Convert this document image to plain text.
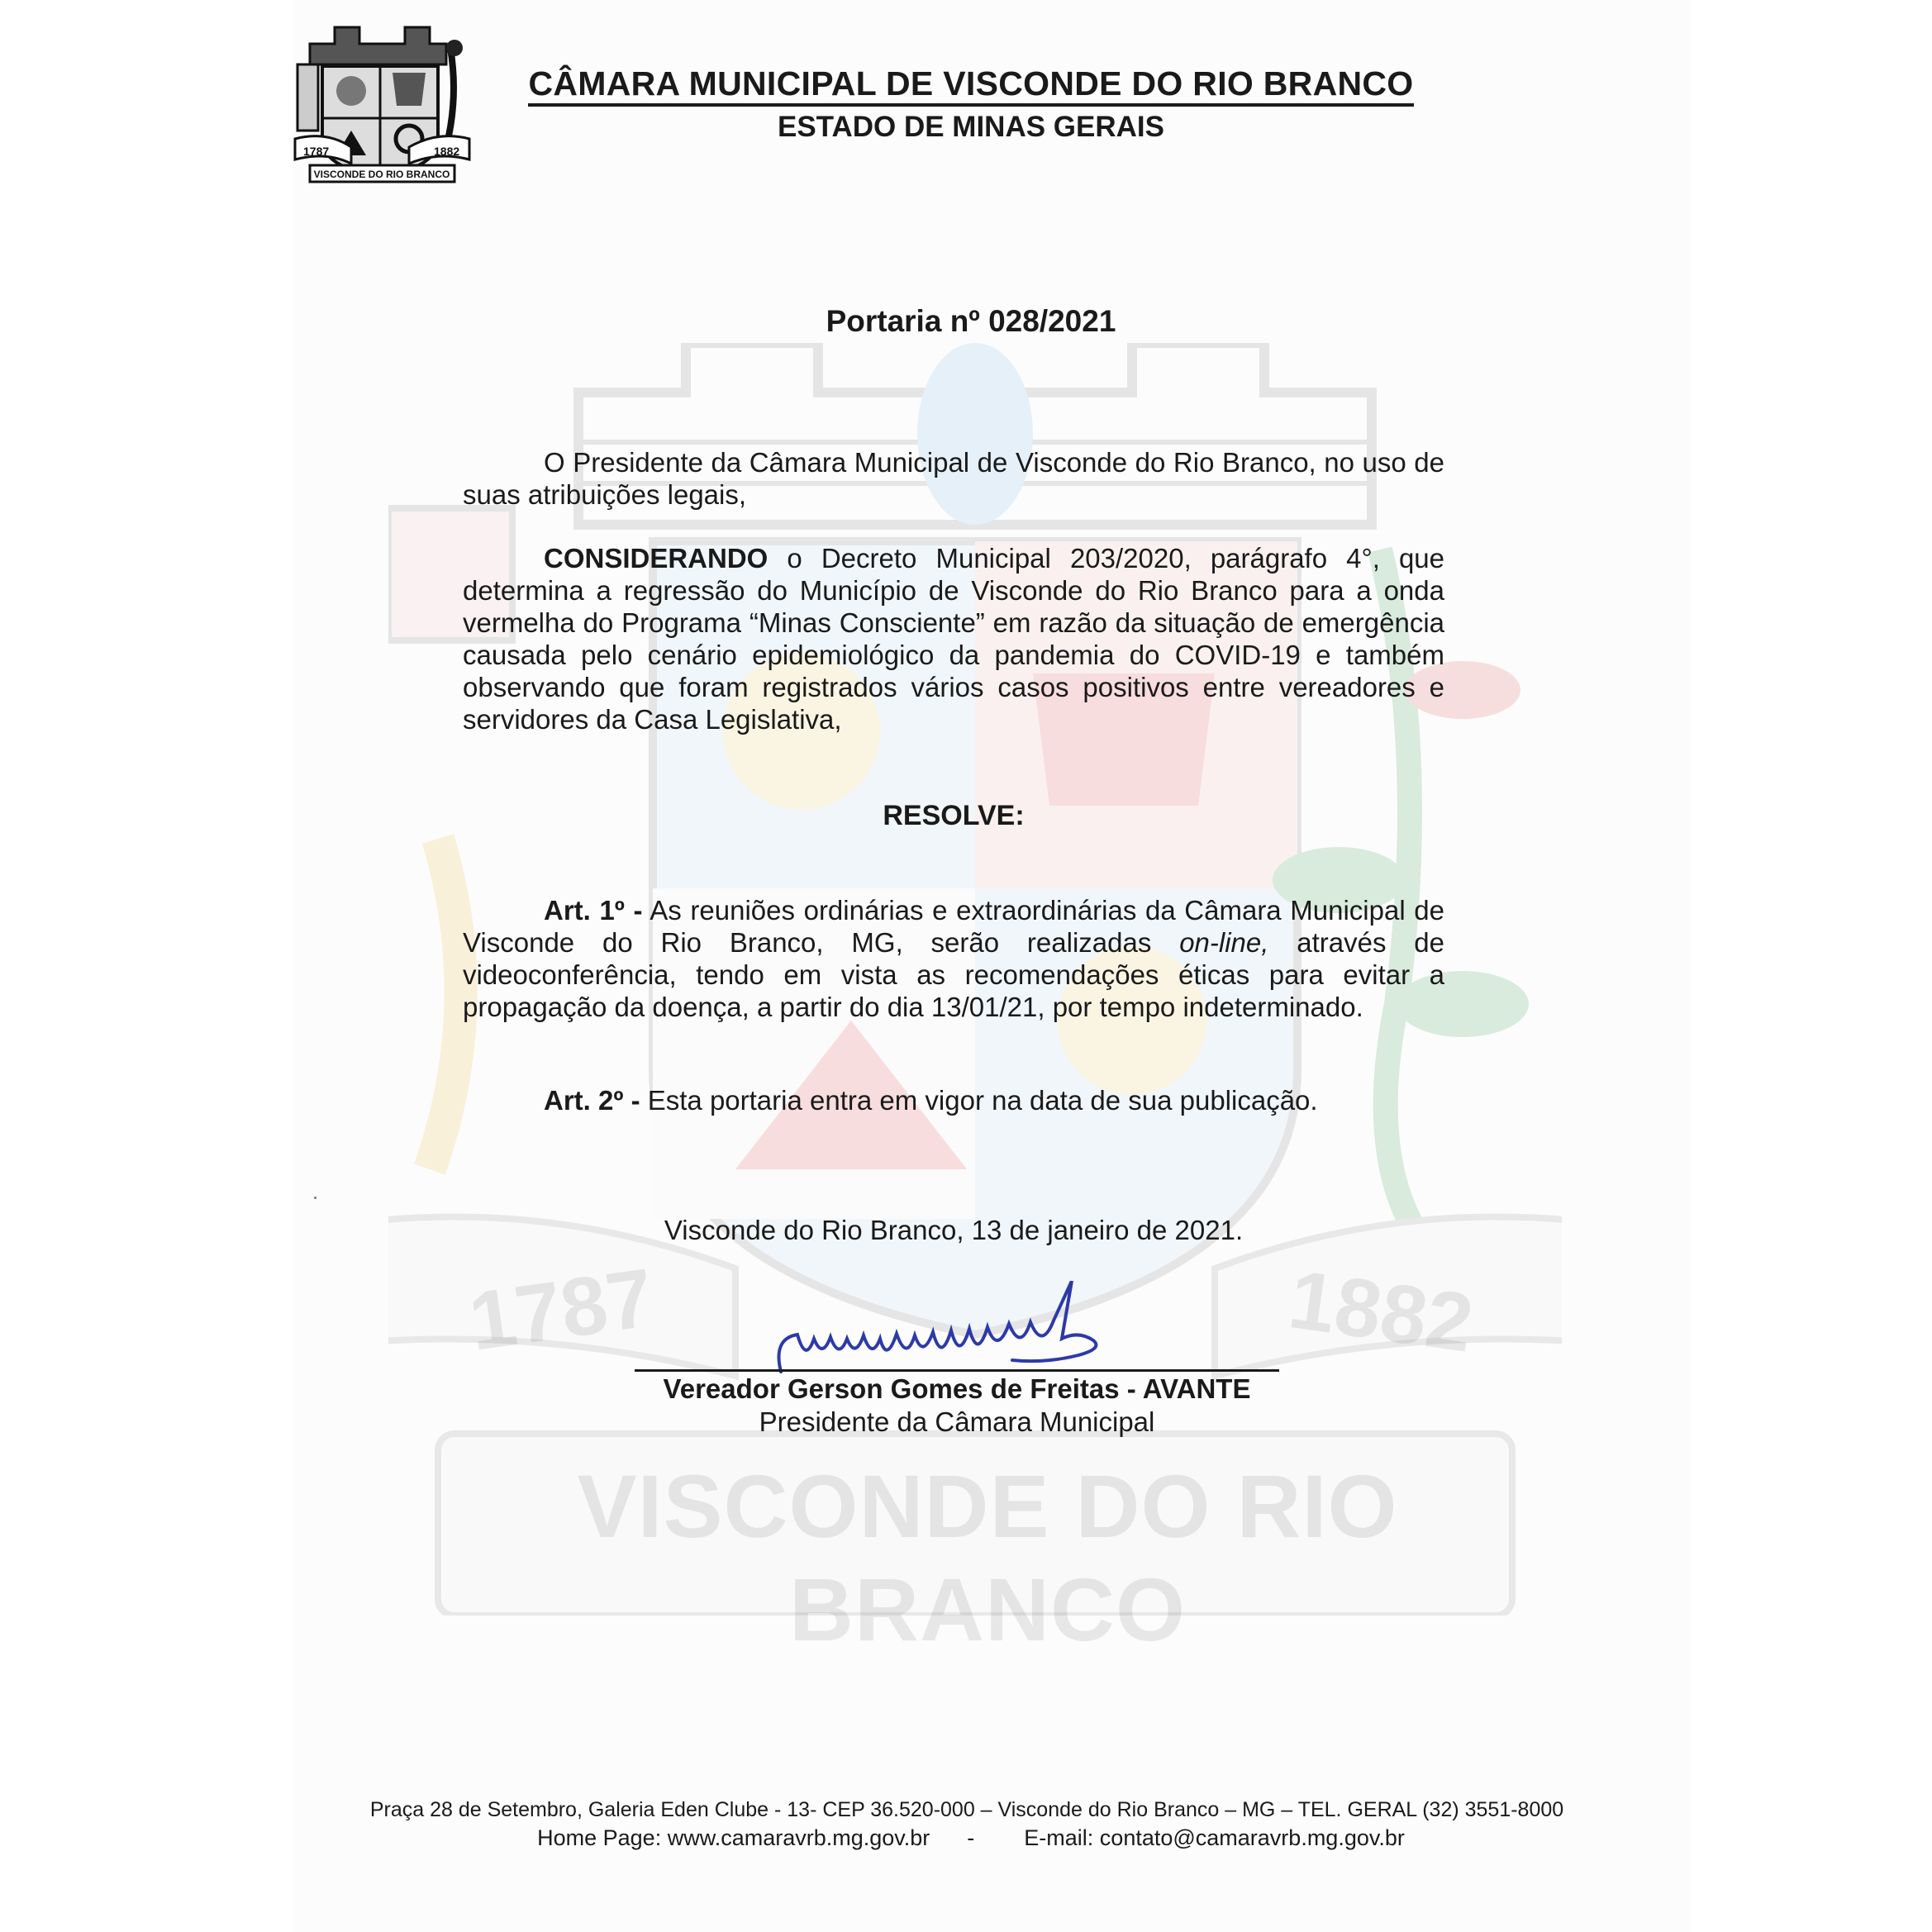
1787	1882
VISCONDE DO RIO BRANCO
1787	1882
VISCONDE DO RIO BRANCO
CÂMARA MUNICIPAL DE VISCONDE DO RIO BRANCO
ESTADO DE MINAS GERAIS
Portaria nº 028/2021
O Presidente da Câmara Municipal de Visconde do Rio Branco, no uso de suas atribuições legais,
CONSIDERANDO o Decreto Municipal 203/2020, parágrafo 4°, que determina a regressão do Município de Visconde do Rio Branco para a onda vermelha do Programa “Minas Consciente” em razão da situação de emergência causada pelo cenário epidemiológico da pandemia do COVID-19 e também observando que foram registrados vários casos positivos entre vereadores e servidores da Casa Legislativa,
RESOLVE:
Art. 1º - As reuniões ordinárias e extraordinárias da Câmara Municipal de Visconde do Rio Branco, MG, serão realizadas on-line, através de videoconferência, tendo em vista as recomendações éticas para evitar a propagação da doença, a partir do dia 13/01/21, por tempo indeterminado.
Art. 2º - Esta portaria entra em vigor na data de sua publicação.
Visconde do Rio Branco, 13 de janeiro de 2021.
Vereador Gerson Gomes de Freitas - AVANTE
Presidente da Câmara Municipal
Praça 28 de Setembro, Galeria Eden Clube - 13- CEP 36.520-000 – Visconde do Rio Branco – MG – TEL. GERAL (32) 3551-8000
Home Page: www.camaravrb.mg.gov.br      -        E-mail: contato@camaravrb.mg.gov.br
